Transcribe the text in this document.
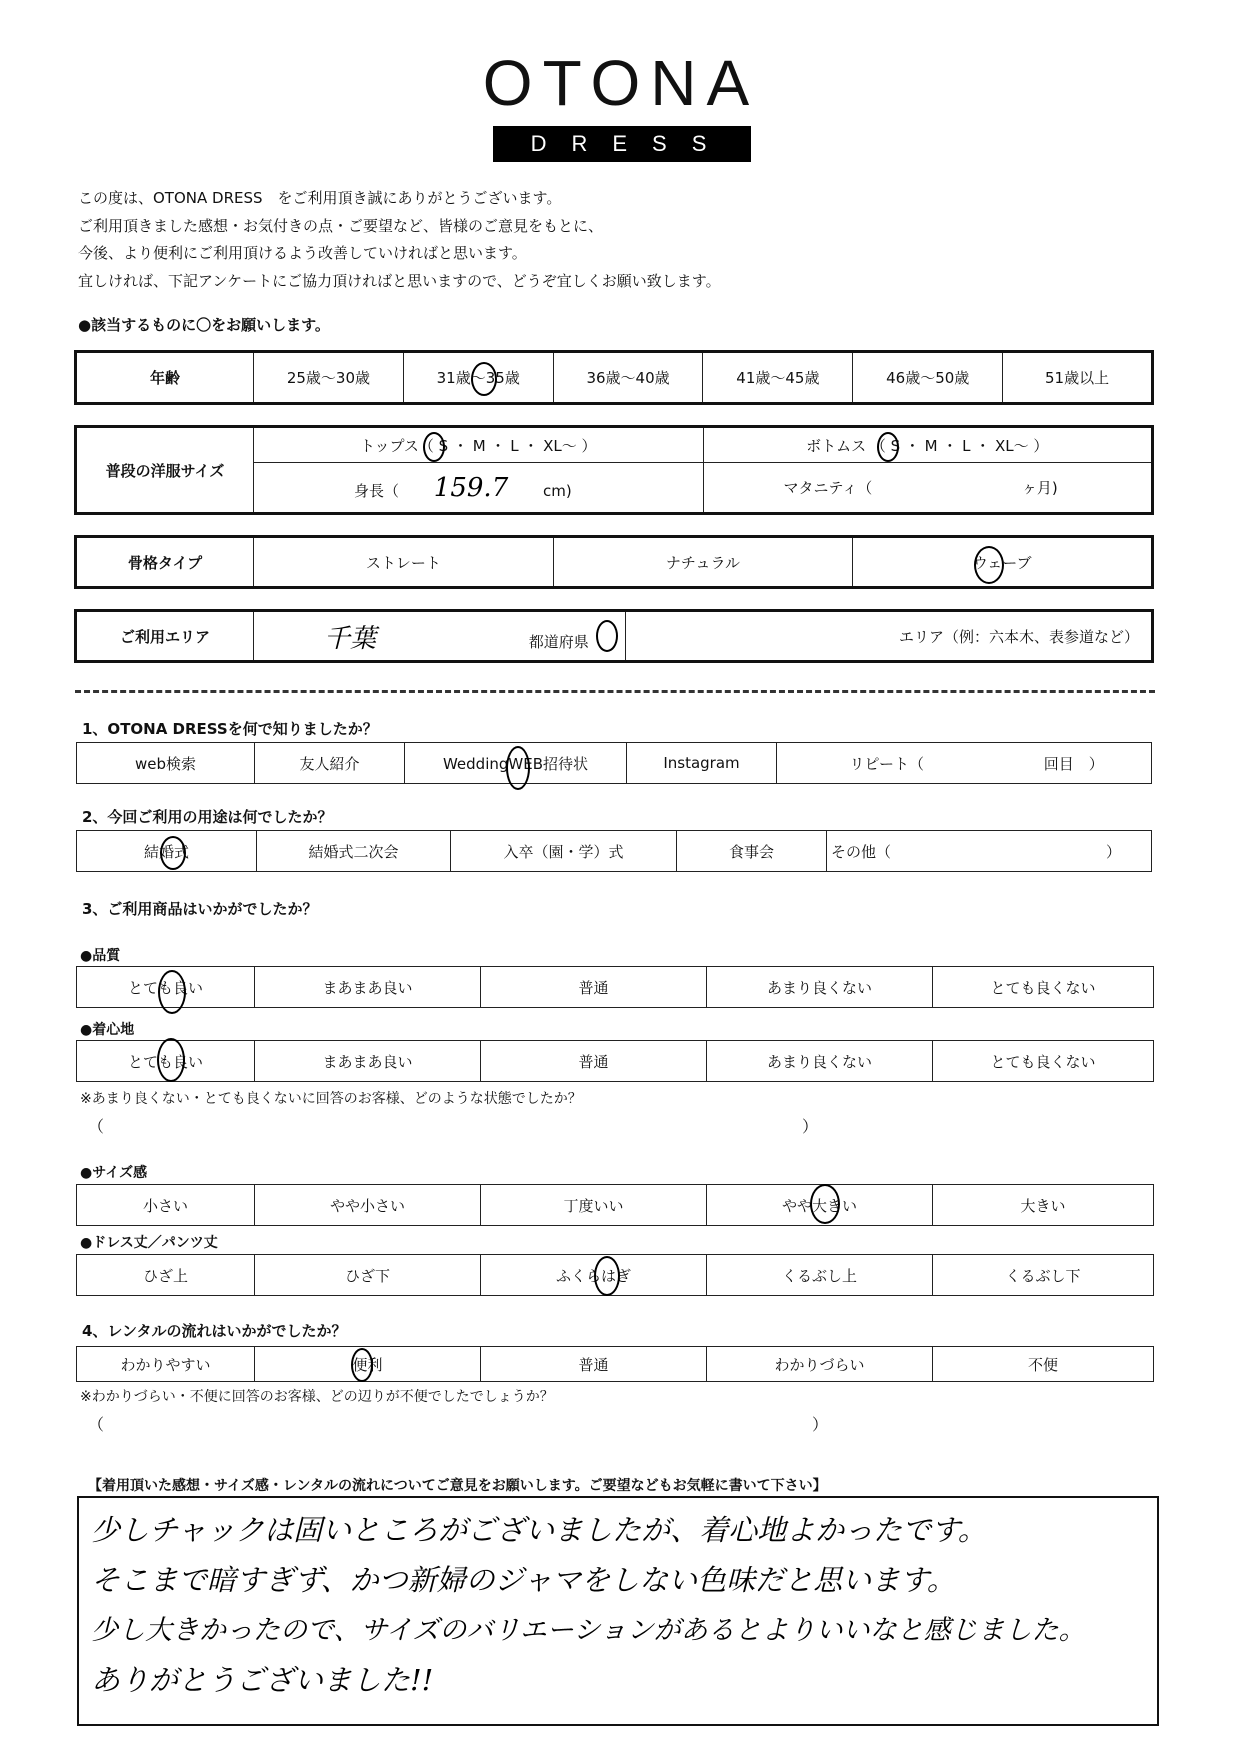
OTONA
DRESS
この度は、OTONA DRESS　をご利用頂き誠にありがとうございます。
ご利用頂きました感想・お気付きの点・ご要望など、皆様のご意見をもとに、
今後、より便利にご利用頂けるよう改善していければと思います。
宜しければ、下記アンケートにご協力頂ければと思いますので、どうぞ宜しくお願い致します。
●該当するものに〇をお願いします。
年齢	25歳～30歳	31歳～35歳	36歳～40歳	41歳～45歳	46歳～50歳	51歳以上
普段の洋服サイズ	トップス（ S ・ M ・ L ・ XL～ ）	ボトムス （ S ・ M ・ L ・ XL～ ）
	身長（ 159.7 cm)	マタニティ（ ヶ月)
骨格タイプ	ストレート	ナチュラル	ウェーブ
ご利用エリア	千葉	都道府県	エリア（例：六本木、表参道など）
1、OTONA DRESSを何で知りましたか？
web検索	友人紹介	WeddingWEB招待状	Instagram	リピート（	回目　）
2、今回ご利用の用途は何でしたか？
結婚式	結婚式二次会	入卒（園・学）式	食事会	その他（	）
3、ご利用商品はいかがでしたか？
●品質
とても良い	まあまあ良い	普通	あまり良くない	とても良くない
●着心地
とても良い	まあまあ良い	普通	あまり良くない	とても良くない
※あまり良くない・とても良くないに回答のお客様、どのような状態でしたか？
（	）
●サイズ感
小さい	やや小さい	丁度いい	やや大きい	大きい
●ドレス丈／パンツ丈
ひざ上	ひざ下	ふくらはぎ	くるぶし上	くるぶし下
4、レンタルの流れはいかがでしたか？
わかりやすい	便利	普通	わかりづらい	不便
※わかりづらい・不便に回答のお客様、どの辺りが不便でしたでしょうか？
（	）
【着用頂いた感想・サイズ感・レンタルの流れについてご意見をお願いします。ご要望などもお気軽に書いて下さい】
少しチャックは固いところがございましたが、着心地よかったです。
そこまで暗すぎず、かつ新婦のジャマをしない色味だと思います。
少し大きかったので、サイズのバリエーションがあるとよりいいなと感じました。
ありがとうございました!!
